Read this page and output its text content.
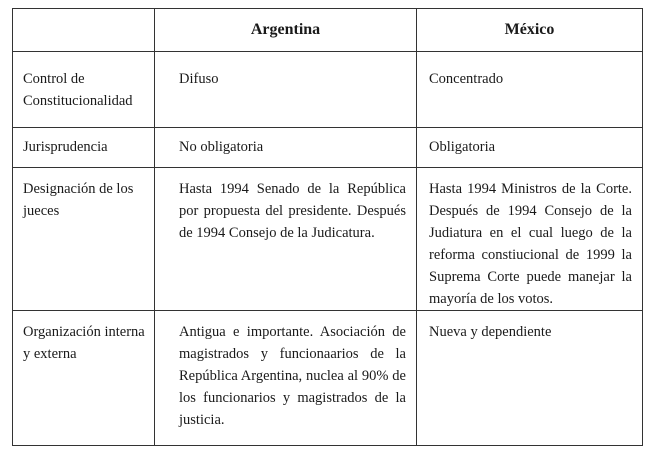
	Argentina	México
Control de Constitucionalidad	Difuso	Concentrado
Jurisprudencia	No obligatoria	Obligatoria
Designación de los jueces	Hasta 1994 Senado de la República por propuesta del presidente. Después de 1994 Consejo de la Judicatura.	Hasta 1994 Ministros de la Corte. Después de 1994 Consejo de la Judiatura en el cual luego de la reforma constiucional de 1999 la Suprema Corte puede manejar la mayoría de los votos.
Organización interna y externa	Antigua e importante. Asociación de magistrados y funcionaarios de la República Argentina, nuclea al 90% de los funcionarios y magistrados de la justicia.	Nueva y dependiente
